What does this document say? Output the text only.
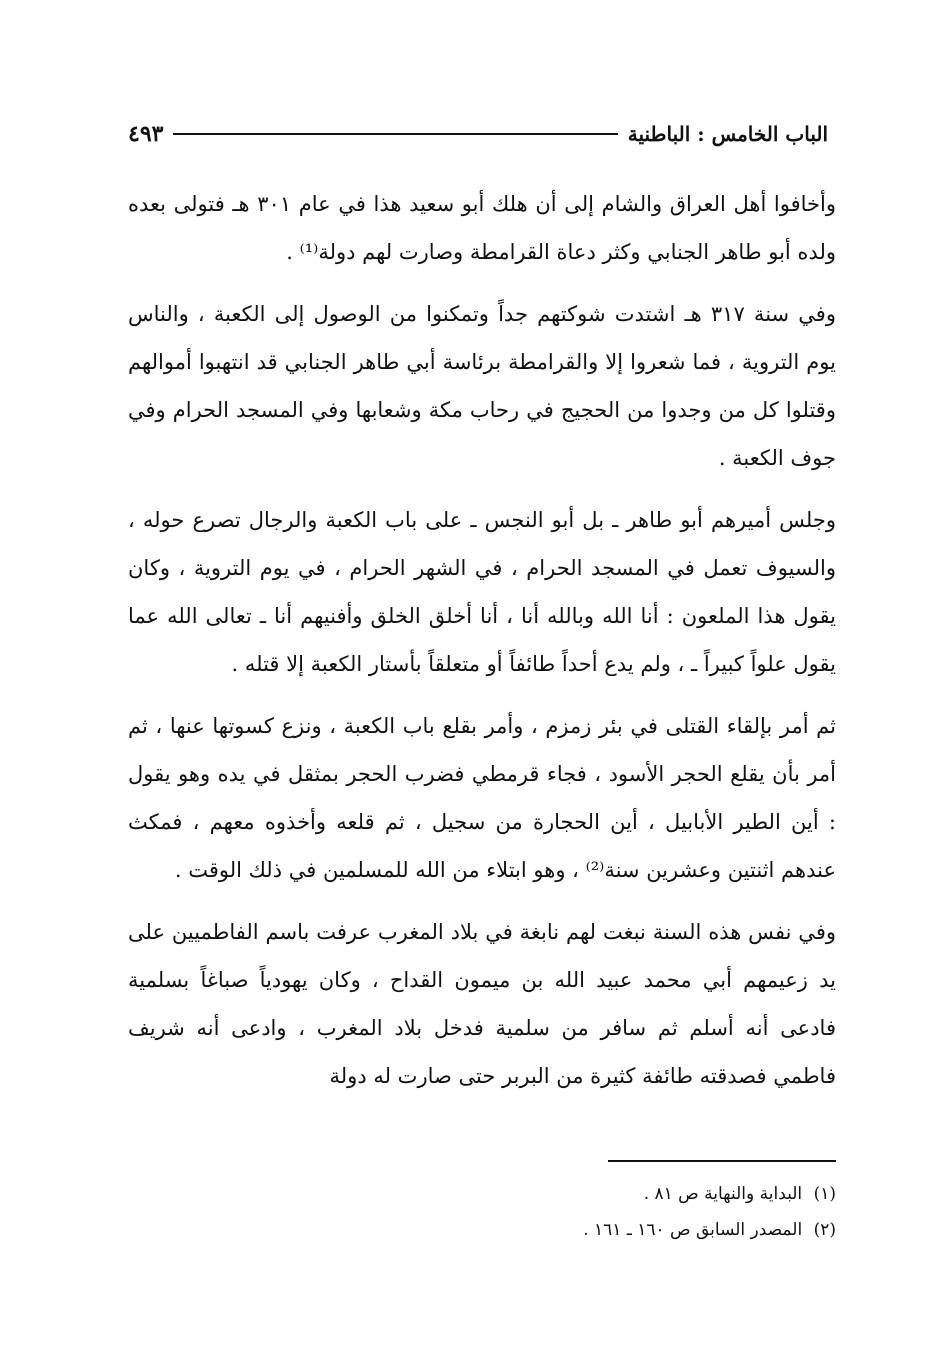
الباب الخامس : الباطنية
٤٩٣

وأخافوا أهل العراق والشام إلى أن هلك أبو سعيد هذا في عام ٣٠١ هـ فتولى بعده ولده أبو طاهر الجنابي وكثر دعاة القرامطة وصارت لهم دولة⁽¹⁾ .

وفي سنة ٣١٧ هـ اشتدت شوكتهم جداً وتمكنوا من الوصول إلى الكعبة ، والناس يوم التروية ، فما شعروا إلا والقرامطة برئاسة أبي طاهر الجنابي قد انتهبوا أموالهم وقتلوا كل من وجدوا من الحجيج في رحاب مكة وشعابها وفي المسجد الحرام وفي جوف الكعبة .

وجلس أميرهم أبو طاهر ـ بل أبو النجس ـ على باب الكعبة والرجال تصرع حوله ، والسيوف تعمل في المسجد الحرام ، في الشهر الحرام ، في يوم التروية ، وكان يقول هذا الملعون : أنا الله وبالله أنا ، أنا أخلق الخلق وأفنيهم أنا ـ تعالى الله عما يقول علواً كبيراً ـ ، ولم يدع أحداً طائفاً أو متعلقاً بأستار الكعبة إلا قتله .

ثم أمر بإلقاء القتلى في بئر زمزم ، وأمر بقلع باب الكعبة ، ونزع كسوتها عنها ، ثم أمر بأن يقلع الحجر الأسود ، فجاء قرمطي فضرب الحجر بمثقل في يده وهو يقول : أين الطير الأبابيل ، أين الحجارة من سجيل ، ثم قلعه وأخذوه معهم ، فمكث عندهم اثنتين وعشرين سنة⁽²⁾ ، وهو ابتلاء من الله للمسلمين في ذلك الوقت .

وفي نفس هذه السنة نبغت لهم نابغة في بلاد المغرب عرفت باسم الفاطميين على يد زعيمهم أبي محمد عبيد الله بن ميمون القداح ، وكان يهودياً صباغاً بسلمية فادعى أنه أسلم ثم سافر من سلمية فدخل بلاد المغرب ، وادعى أنه شريف فاطمي فصدقته طائفة كثيرة من البربر حتى صارت له دولة

(١) البداية والنهاية ص ٨١ .

(٢) المصدر السابق ص ١٦٠ ـ ١٦١ .
